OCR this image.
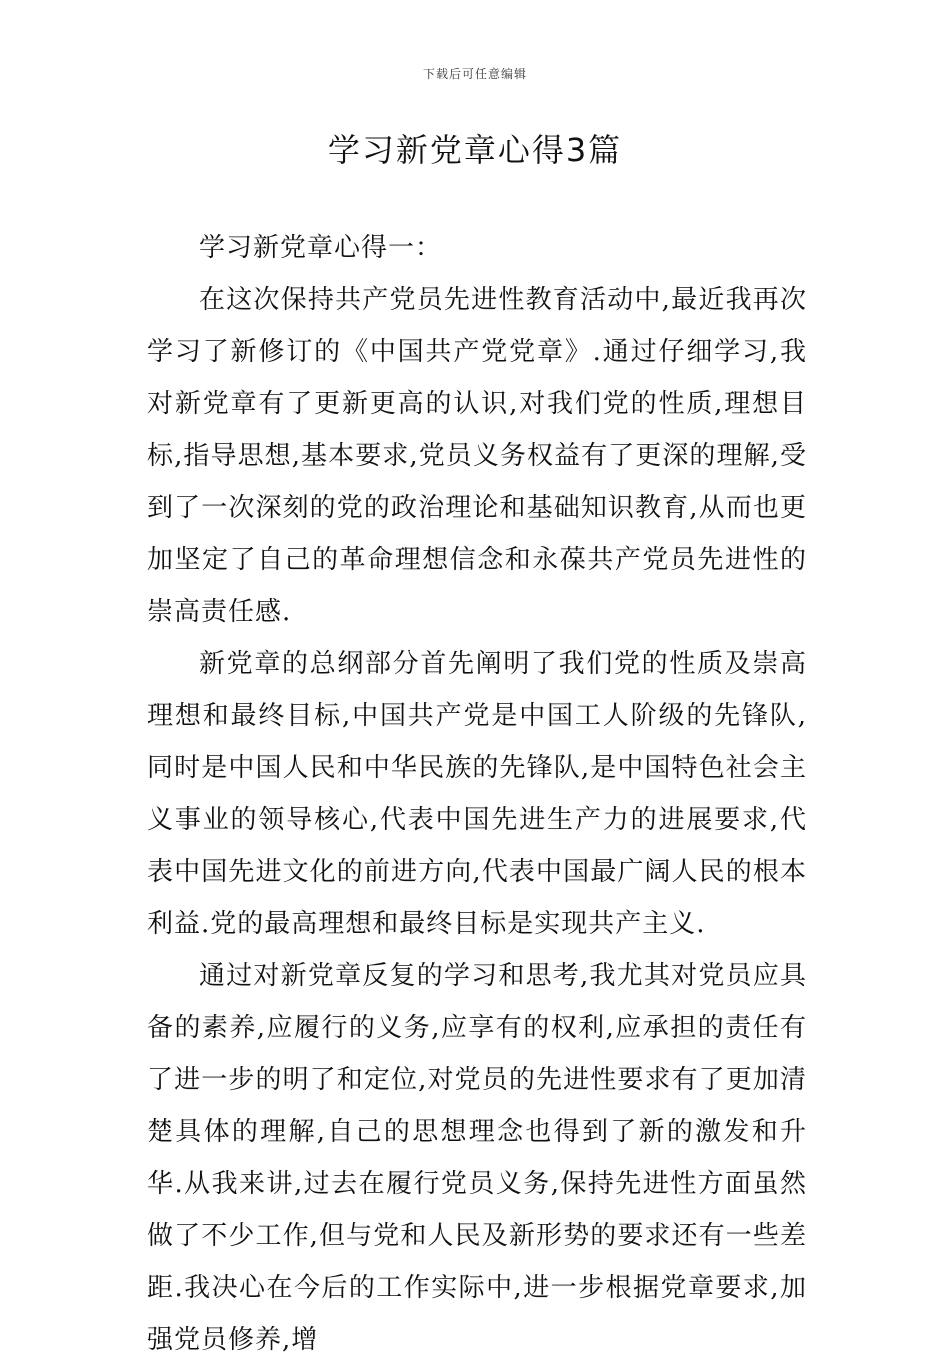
下载后可任意编辑
学习新党章心得3篇

学习新党章心得一：

在这次保持共产党员先进性教育活动中,最近我再次学习了新修订的《中国共产党党章》.通过仔细学习,我对新党章有了更新更高的认识,对我们党的性质,理想目标,指导思想,基本要求,党员义务权益有了更深的理解,受到了一次深刻的党的政治理论和基础知识教育,从而也更加坚定了自己的革命理想信念和永葆共产党员先进性的崇高责任感.

新党章的总纲部分首先阐明了我们党的性质及崇高理想和最终目标,中国共产党是中国工人阶级的先锋队,同时是中国人民和中华民族的先锋队,是中国特色社会主义事业的领导核心,代表中国先进生产力的进展要求,代表中国先进文化的前进方向,代表中国最广阔人民的根本利益.党的最高理想和最终目标是实现共产主义.

通过对新党章反复的学习和思考,我尤其对党员应具备的素养,应履行的义务,应享有的权利,应承担的责任有了进一步的明了和定位,对党员的先进性要求有了更加清楚具体的理解,自己的思想理念也得到了新的激发和升华.从我来讲,过去在履行党员义务,保持先进性方面虽然做了不少工作,但与党和人民及新形势的要求还有一些差距.我决心在今后的工作实际中,进一步根据党章要求,加强党员修养,增
